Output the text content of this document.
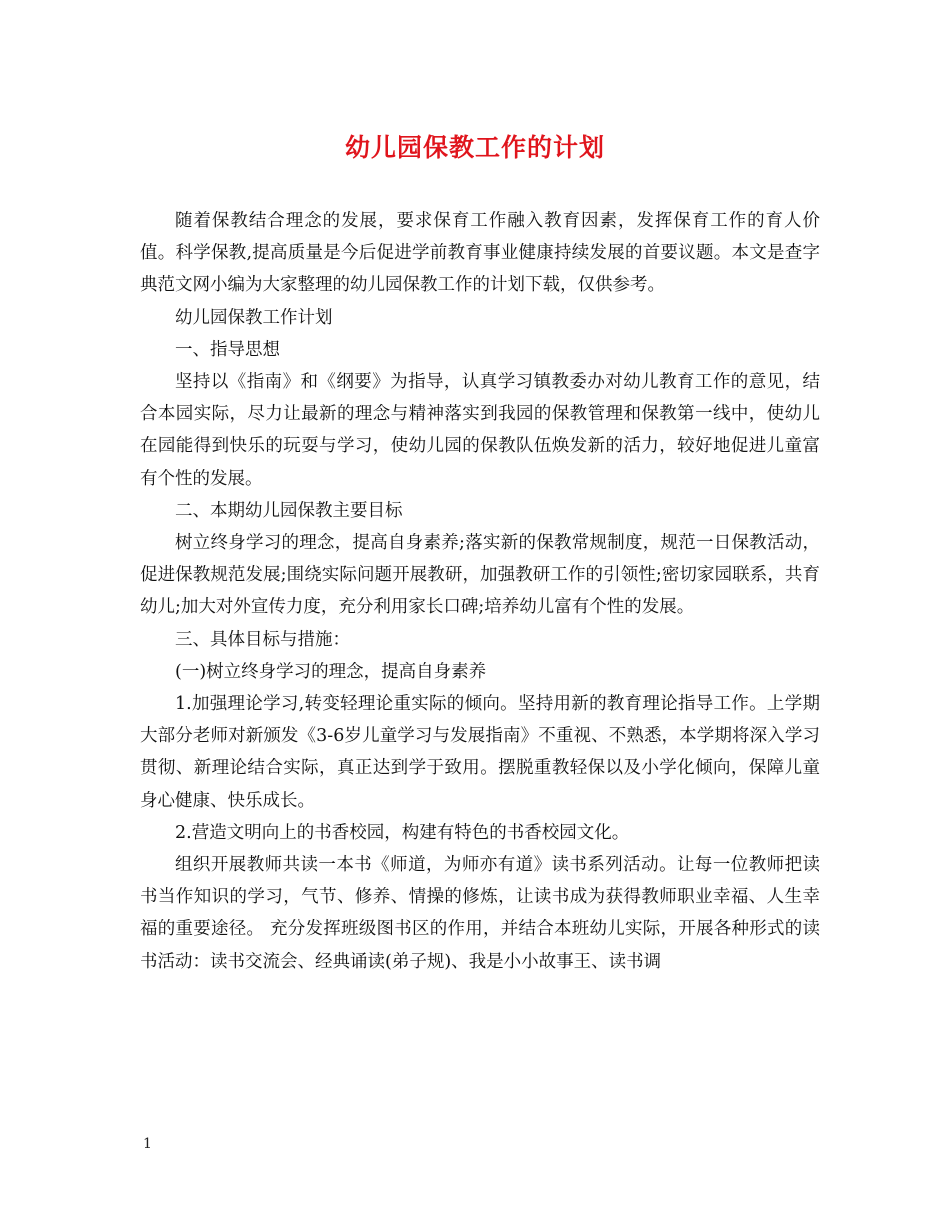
幼儿园保教工作的计划

随着保教结合理念的发展，要求保育工作融入教育因素，发挥保育工作的育人价值。科学保教,提高质量是今后促进学前教育事业健康持续发展的首要议题。本文是查字典范文网小编为大家整理的幼儿园保教工作的计划下载，仅供参考。

幼儿园保教工作计划

一、指导思想

坚持以《指南》和《纲要》为指导，认真学习镇教委办对幼儿教育工作的意见，结合本园实际，尽力让最新的理念与精神落实到我园的保教管理和保教第一线中，使幼儿在园能得到快乐的玩耍与学习，使幼儿园的保教队伍焕发新的活力，较好地促进儿童富有个性的发展。

二、本期幼儿园保教主要目标

树立终身学习的理念，提高自身素养;落实新的保教常规制度，规范一日保教活动，促进保教规范发展;围绕实际问题开展教研，加强教研工作的引领性;密切家园联系，共育幼儿;加大对外宣传力度，充分利用家长口碑;培养幼儿富有个性的发展。

三、具体目标与措施：

(一)树立终身学习的理念，提高自身素养

1.加强理论学习,转变轻理论重实际的倾向。坚持用新的教育理论指导工作。上学期大部分老师对新颁发《3-6岁儿童学习与发展指南》不重视、不熟悉，本学期将深入学习贯彻、新理论结合实际，真正达到学于致用。摆脱重教轻保以及小学化倾向，保障儿童身心健康、快乐成长。

2.营造文明向上的书香校园，构建有特色的书香校园文化。

组织开展教师共读一本书《师道，为师亦有道》读书系列活动。让每一位教师把读书当作知识的学习，气节、修养、情操的修炼，让读书成为获得教师职业幸福、人生幸福的重要途径。 充分发挥班级图书区的作用，并结合本班幼儿实际，开展各种形式的读书活动：读书交流会、经典诵读(弟子规)、我是小小故事王、读书调

1
